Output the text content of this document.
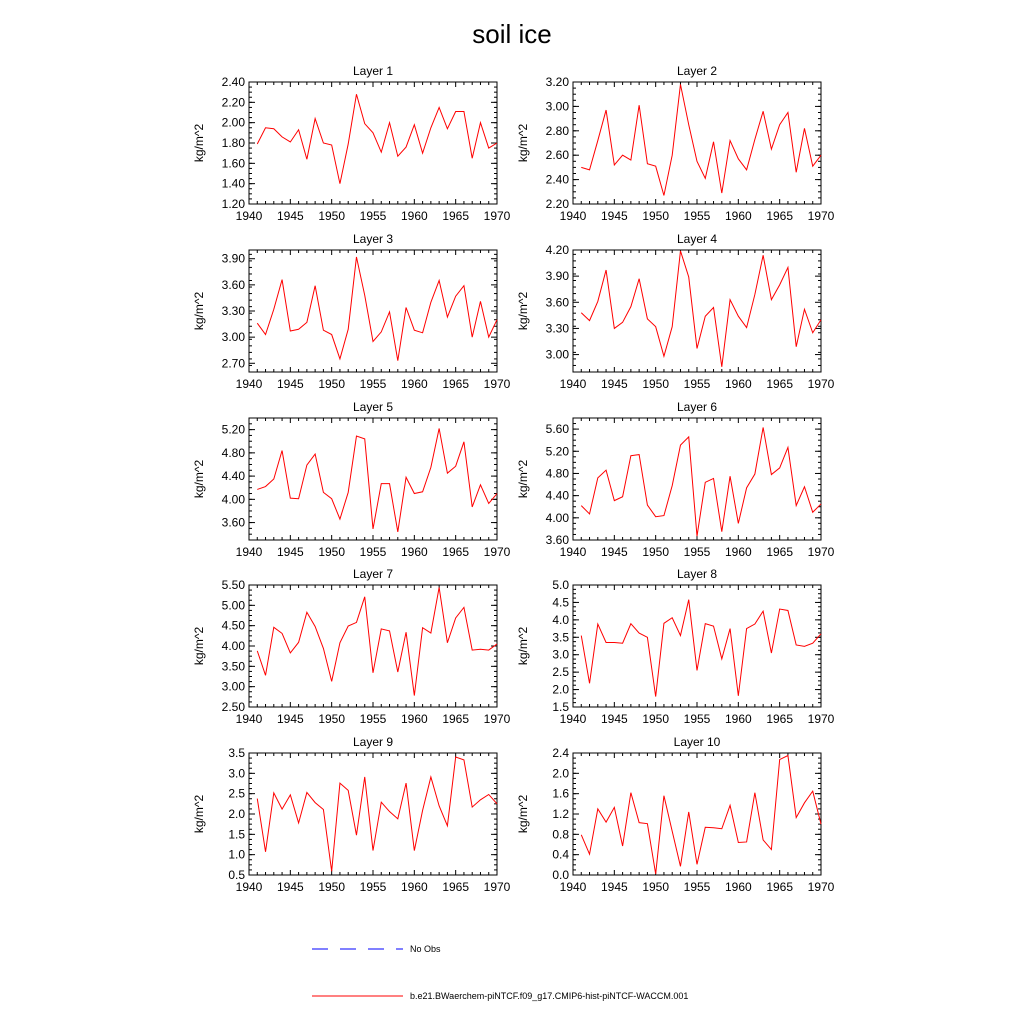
soil ice
Layer 1
kg/m^2
1940 1945 1950 1955 1960 1965 1970
1.20
1.40
1.60
1.80
2.00
2.20
2.40
Layer 2
kg/m^2
1940 1945 1950 1955 1960 1965 1970
2.20
2.40
2.60
2.80
3.00
3.20
Layer 3
kg/m^2
1940 1945 1950 1955 1960 1965 1970
2.70
3.00
3.30
3.60
3.90
Layer 4
kg/m^2
1940 1945 1950 1955 1960 1965 1970
3.00
3.30
3.60
3.90
4.20
Layer 5
kg/m^2
1940 1945 1950 1955 1960 1965 1970
3.60
4.00
4.40
4.80
5.20
Layer 6
kg/m^2
1940 1945 1950 1955 1960 1965 1970
3.60
4.00
4.40
4.80
5.20
5.60
Layer 7
kg/m^2
1940 1945 1950 1955 1960 1965 1970
2.50
3.00
3.50
4.00
4.50
5.00
5.50
Layer 8
kg/m^2
1940 1945 1950 1955 1960 1965 1970
1.5
2.0
2.5
3.0
3.5
4.0
4.5
5.0
Layer 9
kg/m^2
1940 1945 1950 1955 1960 1965 1970
0.5
1.0
1.5
2.0
2.5
3.0
3.5
Layer 10
kg/m^2
1940 1945 1950 1955 1960 1965 1970
0.0
0.4
0.8
1.2
1.6
2.0
2.4
No Obs
b.e21.BWaerchem-piNTCF.f09_g17.CMIP6-hist-piNTCF-WACCM.001
